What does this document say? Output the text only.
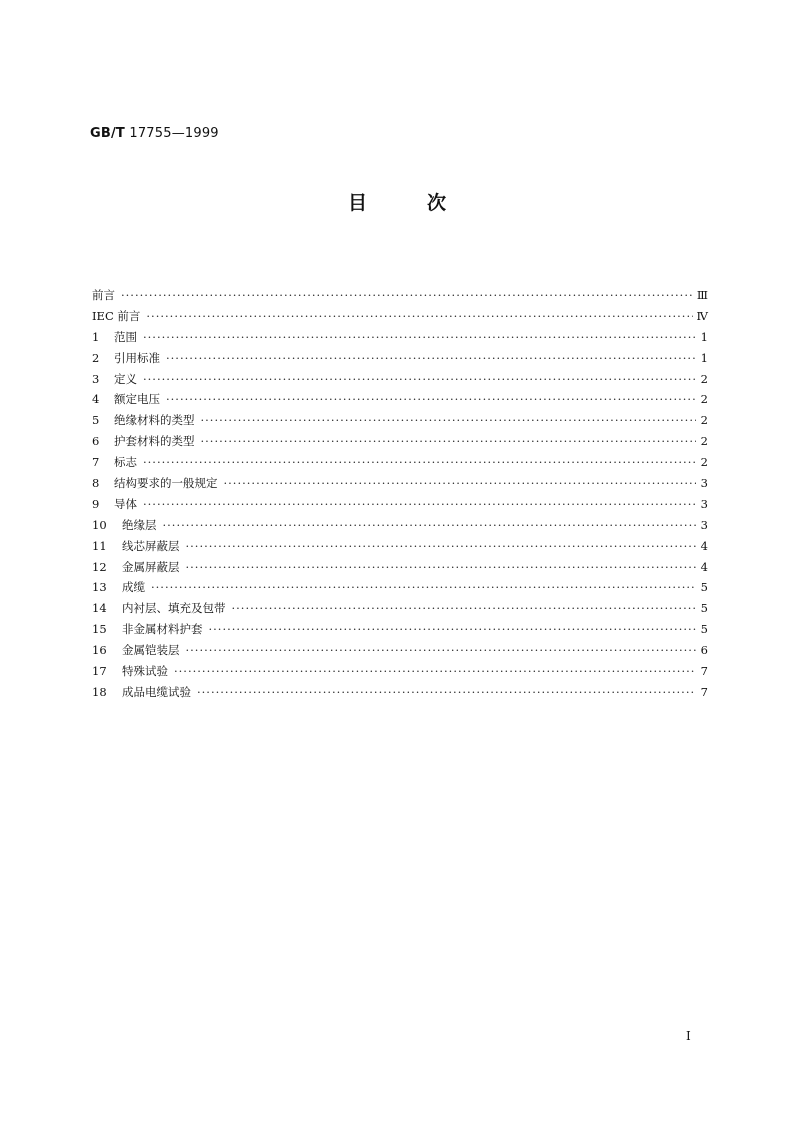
GB/T 17755—1999
目	次
前言 ·····	Ⅲ
IEC 前言 ·····	Ⅳ
1	范围 ·····	1
2	引用标准 ·····	1
3	定义 ·····	2
4	额定电压 ·····	2
5	绝缘材料的类型 ·····	2
6	护套材料的类型 ·····	2
7	标志 ·····	2
8	结构要求的一般规定 ·····	3
9	导体 ·····	3
10	绝缘层 ·····	3
11	线芯屏蔽层 ·····	4
12	金属屏蔽层 ·····	4
13	成缆 ·····	5
14	内衬层、填充及包带 ·····	5
15	非金属材料护套 ·····	5
16	金属铠装层 ·····	6
17	特殊试验 ·····	7
18	成品电缆试验 ·····	7
I
